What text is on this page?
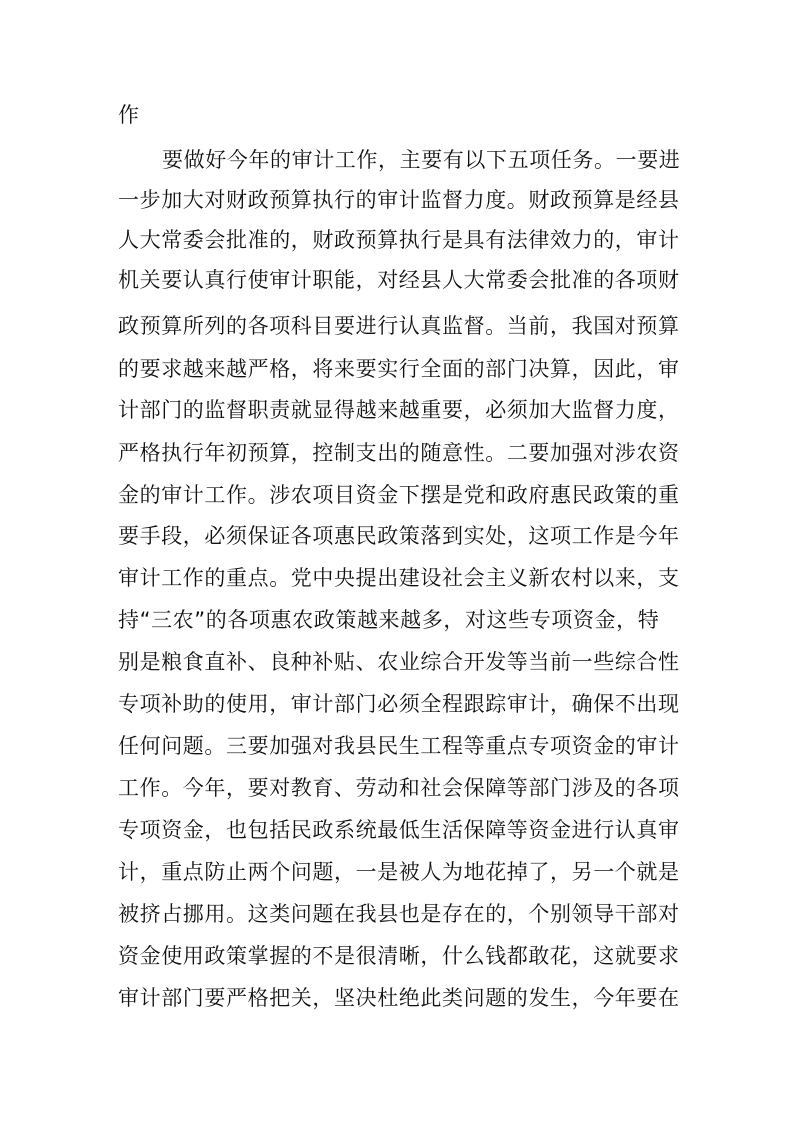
作
要做好今年的审计工作，主要有以下五项任务。一要进
一步加大对财政预算执行的审计监督力度。财政预算是经县
人大常委会批准的，财政预算执行是具有法律效力的，审计
机关要认真行使审计职能，对经县人大常委会批准的各项财
政预算所列的各项科目要进行认真监督。当前，我国对预算
的要求越来越严格，将来要实行全面的部门决算，因此，审
计部门的监督职责就显得越来越重要，必须加大监督力度，
严格执行年初预算，控制支出的随意性。二要加强对涉农资
金的审计工作。涉农项目资金下摆是党和政府惠民政策的重
要手段，必须保证各项惠民政策落到实处，这项工作是今年
审计工作的重点。党中央提出建设社会主义新农村以来，支
持“三农”的各项惠农政策越来越多，对这些专项资金，特
别是粮食直补、良种补贴、农业综合开发等当前一些综合性
专项补助的使用，审计部门必须全程跟踪审计，确保不出现
任何问题。三要加强对我县民生工程等重点专项资金的审计
工作。今年，要对教育、劳动和社会保障等部门涉及的各项
专项资金，也包括民政系统最低生活保障等资金进行认真审
计，重点防止两个问题，一是被人为地花掉了，另一个就是
被挤占挪用。这类问题在我县也是存在的，个别领导干部对
资金使用政策掌握的不是很清晰，什么钱都敢花，这就要求
审计部门要严格把关，坚决杜绝此类问题的发生，今年要在
